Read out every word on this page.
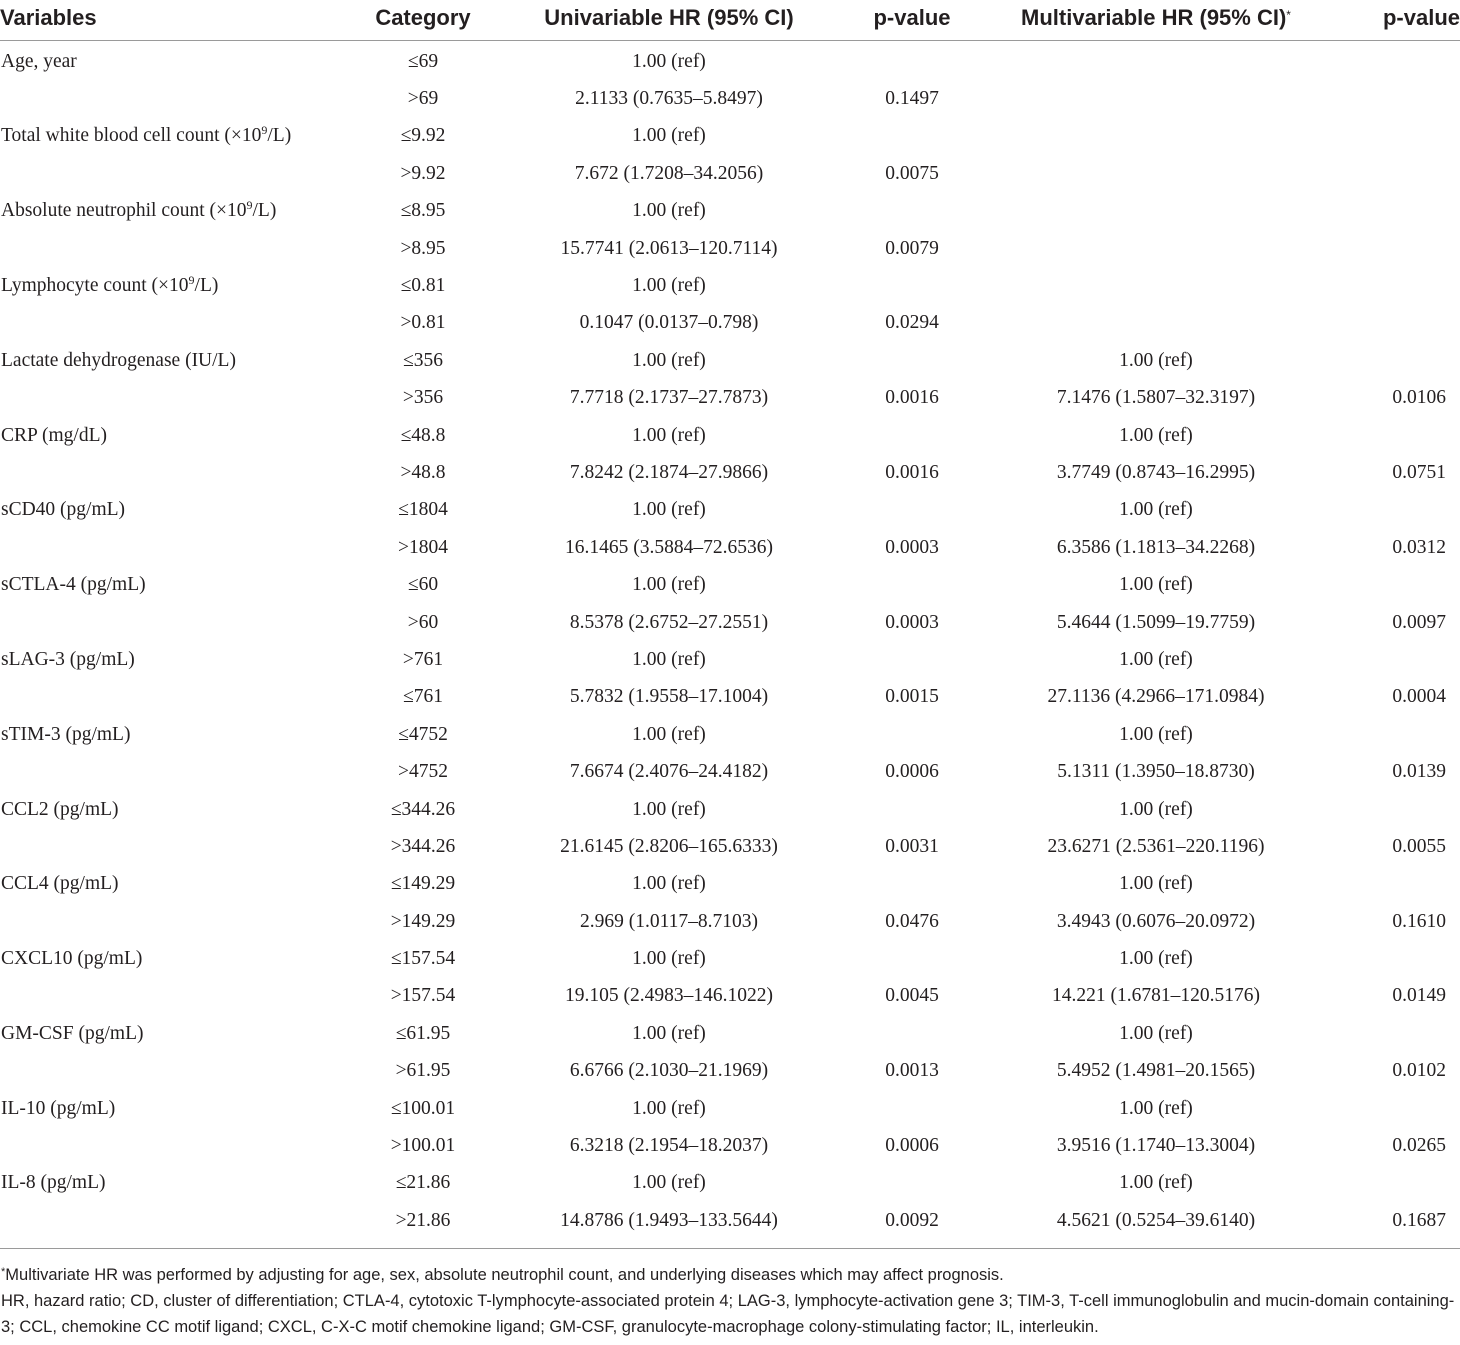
Variables	Category	Univariable HR (95% CI)	p-value	Multivariable HR (95% CI)*	p-value
Age, year	≤69	1.00 (ref)			
	>69	2.1133 (0.7635–5.8497)	0.1497		
Total white blood cell count $(\times 10^9/L)$	≤9.92	1.00 (ref)			
	>9.92	7.672 (1.7208–34.2056)	0.0075		
Absolute neutrophil count $(\times 10^9/L)$	≤8.95	1.00 (ref)			
	>8.95	15.7741 (2.0613–120.7114)	0.0079		
Lymphocyte count $(\times 10^9/L)$	≤0.81	1.00 (ref)			
	>0.81	0.1047 (0.0137–0.798)	0.0294		
Lactate dehydrogenase (IU/L)	≤356	1.00 (ref)		1.00 (ref)	
	>356	7.7718 (2.1737–27.7873)	0.0016	7.1476 (1.5807–32.3197)	0.0106
CRP (mg/dL)	≤48.8	1.00 (ref)		1.00 (ref)	
	>48.8	7.8242 (2.1874–27.9866)	0.0016	3.7749 (0.8743–16.2995)	0.0751
sCD40 (pg/mL)	≤1804	1.00 (ref)		1.00 (ref)	
	>1804	16.1465 (3.5884–72.6536)	0.0003	6.3586 (1.1813–34.2268)	0.0312
sCTLA-4 (pg/mL)	≤60	1.00 (ref)		1.00 (ref)	
	>60	8.5378 (2.6752–27.2551)	0.0003	5.4644 (1.5099–19.7759)	0.0097
sLAG-3 (pg/mL)	>761	1.00 (ref)		1.00 (ref)	
	≤761	5.7832 (1.9558–17.1004)	0.0015	27.1136 (4.2966–171.0984)	0.0004
sTIM-3 (pg/mL)	≤4752	1.00 (ref)		1.00 (ref)	
	>4752	7.6674 (2.4076–24.4182)	0.0006	5.1311 (1.3950–18.8730)	0.0139
CCL2 (pg/mL)	≤344.26	1.00 (ref)		1.00 (ref)	
	>344.26	21.6145 (2.8206–165.6333)	0.0031	23.6271 (2.5361–220.1196)	0.0055
CCL4 (pg/mL)	≤149.29	1.00 (ref)		1.00 (ref)	
	>149.29	2.969 (1.0117–8.7103)	0.0476	3.4943 (0.6076–20.0972)	0.1610
CXCL10 (pg/mL)	≤157.54	1.00 (ref)		1.00 (ref)	
	>157.54	19.105 (2.4983–146.1022)	0.0045	14.221 (1.6781–120.5176)	0.0149
GM-CSF (pg/mL)	≤61.95	1.00 (ref)		1.00 (ref)	
	>61.95	6.6766 (2.1030–21.1969)	0.0013	5.4952 (1.4981–20.1565)	0.0102
IL-10 (pg/mL)	≤100.01	1.00 (ref)		1.00 (ref)	
	>100.01	6.3218 (2.1954–18.2037)	0.0006	3.9516 (1.1740–13.3004)	0.0265
IL-8 (pg/mL)	≤21.86	1.00 (ref)		1.00 (ref)	
	>21.86	14.8786 (1.9493–133.5644)	0.0092	4.5621 (0.5254–39.6140)	0.1687

*Multivariate HR was performed by adjusting for age, sex, absolute neutrophil count, and underlying diseases which may affect prognosis.

HR, hazard ratio; CD, cluster of differentiation; CTLA-4, cytotoxic T-lymphocyte-associated protein 4; LAG-3, lymphocyte-activation gene 3; TIM-3, T-cell immunoglobulin and mucin-domain containing-3; CCL, chemokine CC motif ligand; CXCL, C-X-C motif chemokine ligand; GM-CSF, granulocyte-macrophage colony-stimulating factor; IL, interleukin.
